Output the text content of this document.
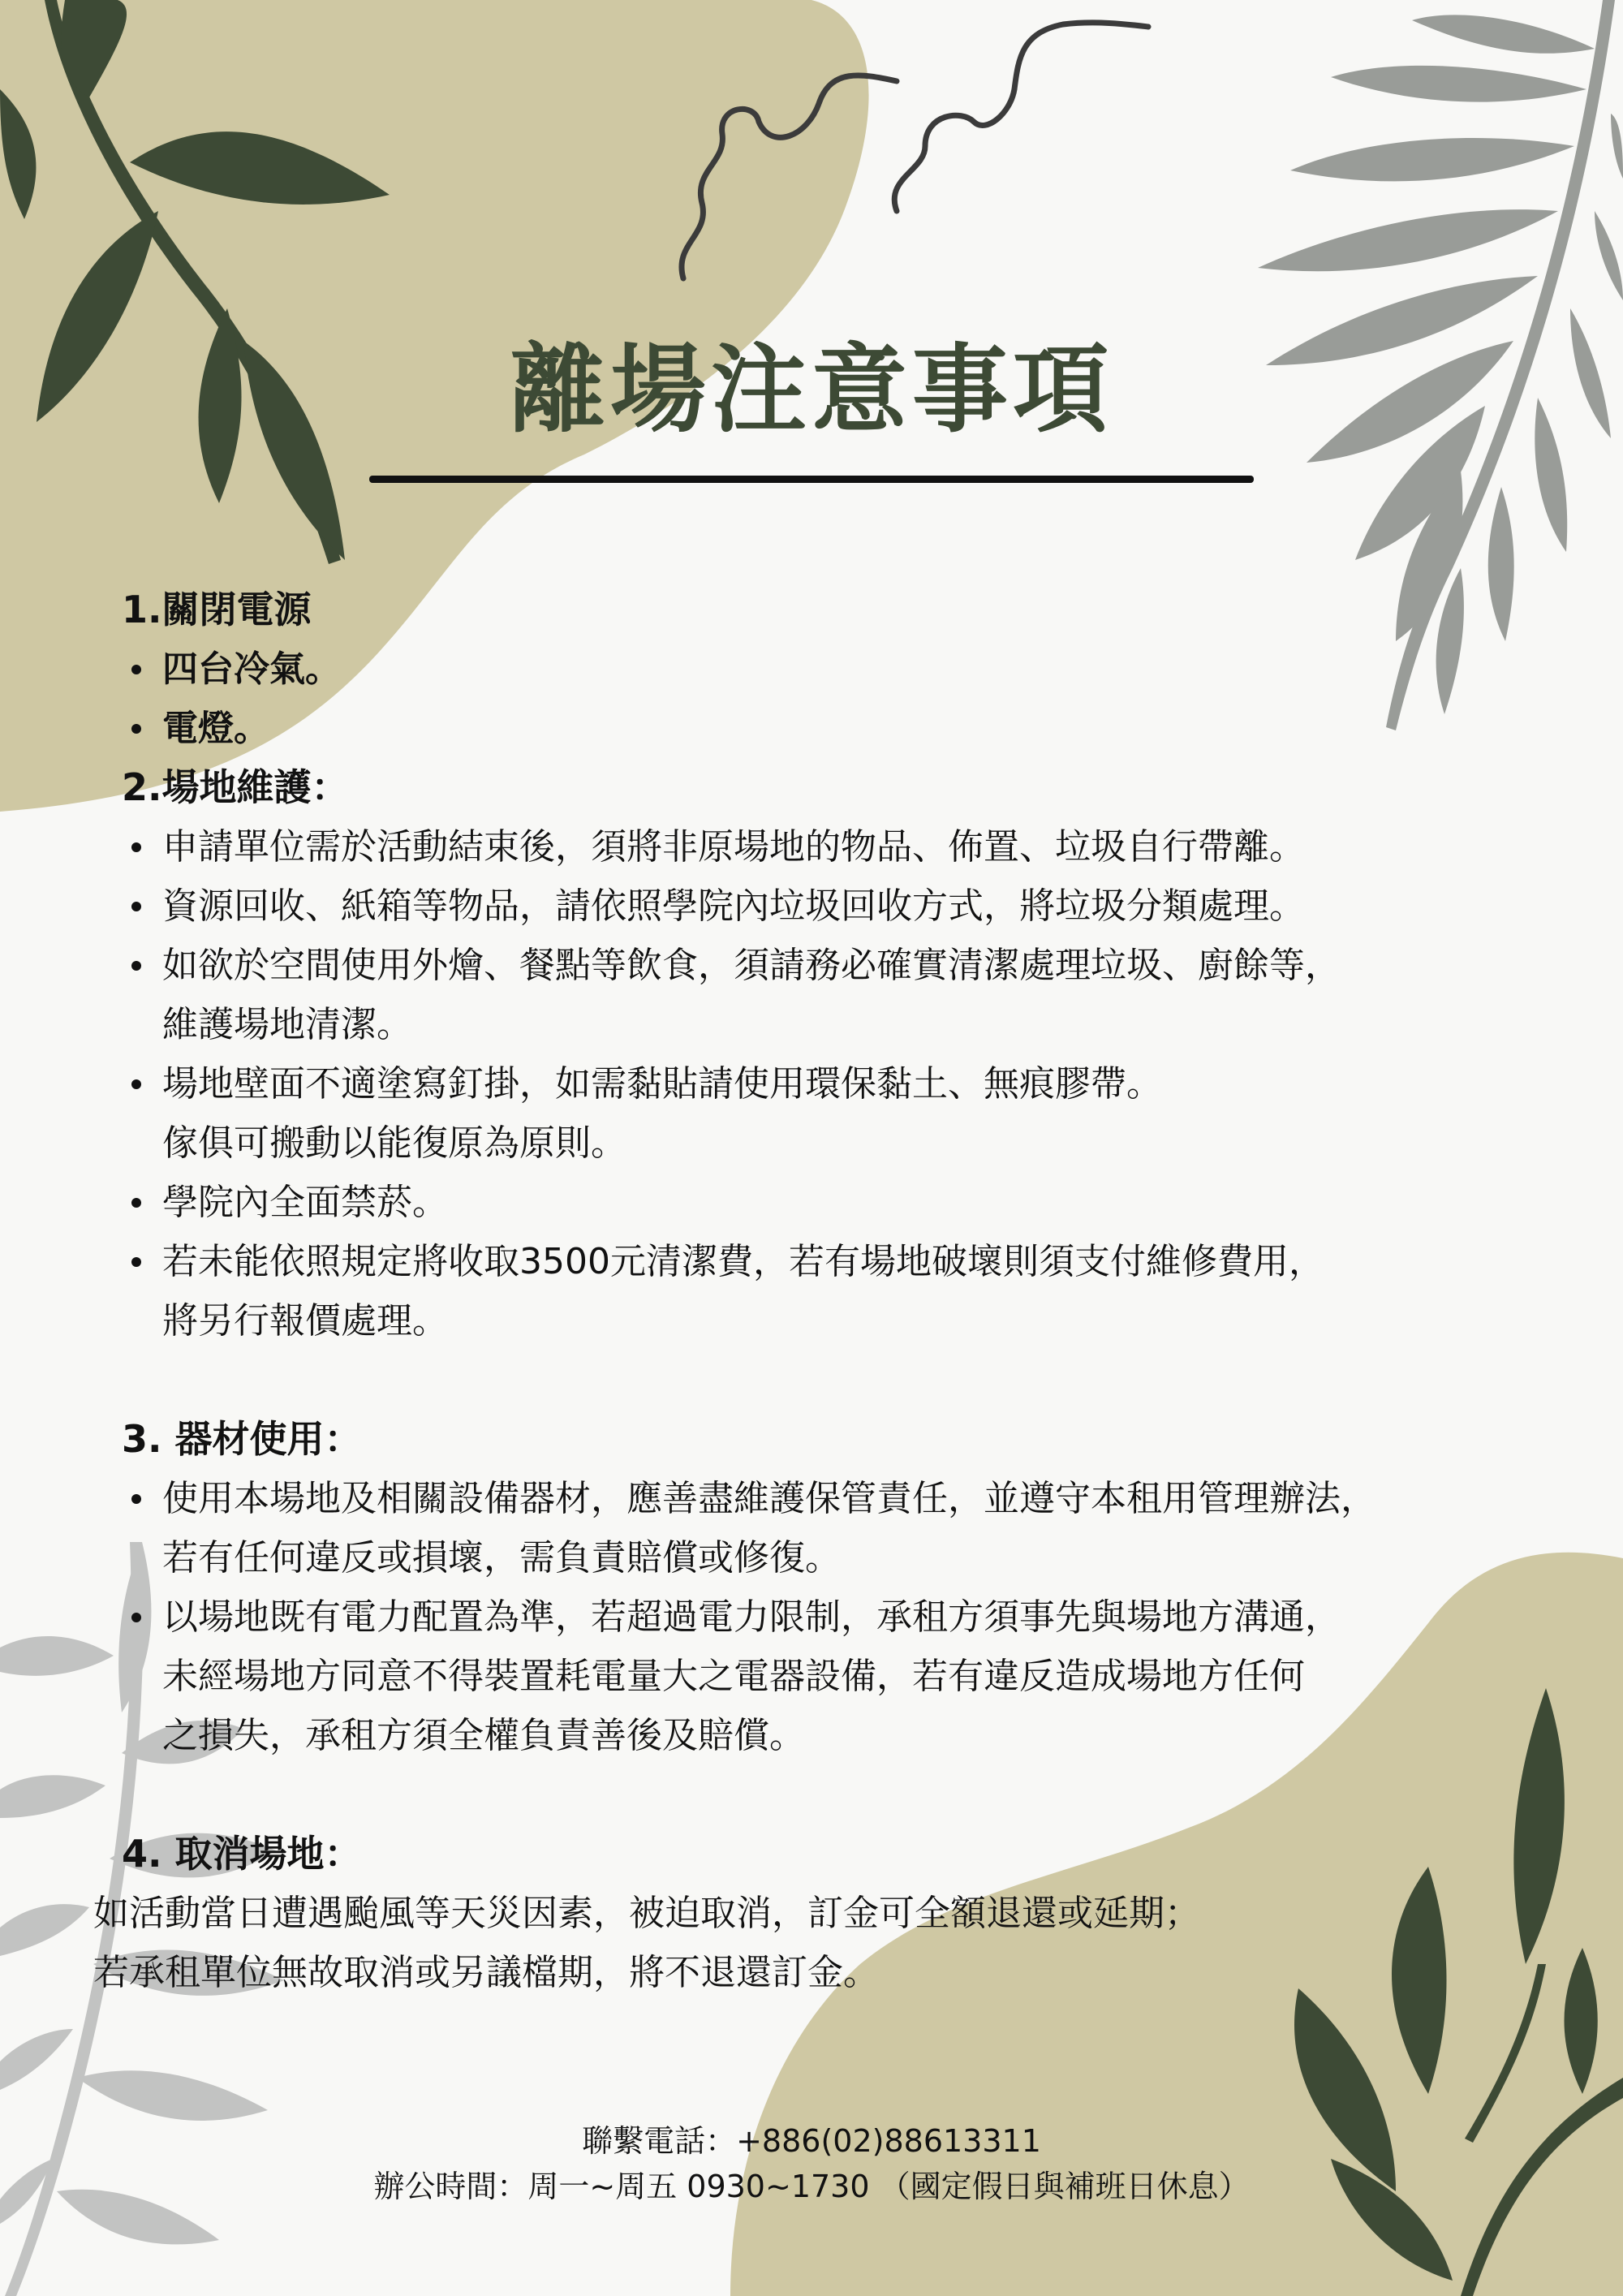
離場注意事項
1.關閉電源
四台冷氣。
電燈。
2.場地維護：
申請單位需於活動結束後，須將非原場地的物品、佈置、垃圾自行帶離。
資源回收、紙箱等物品，請依照學院內垃圾回收方式，將垃圾分類處理。
如欲於空間使用外燴、餐點等飲食，須請務必確實清潔處理垃圾、廚餘等，
維護場地清潔。
場地壁面不適塗寫釘掛，如需黏貼請使用環保黏土、無痕膠帶。
傢俱可搬動以能復原為原則。
學院內全面禁菸。
若未能依照規定將收取3500元清潔費，若有場地破壞則須支付維修費用，
將另行報價處理。
3. 器材使用：
使用本場地及相關設備器材，應善盡維護保管責任，並遵守本租用管理辦法，
若有任何違反或損壞，需負責賠償或修復。
以場地既有電力配置為準，若超過電力限制，承租方須事先與場地方溝通，
未經場地方同意不得裝置耗電量大之電器設備，若有違反造成場地方任何
之損失，承租方須全權負責善後及賠償。
4. 取消場地：
如活動當日遭遇颱風等天災因素，被迫取消，訂金可全額退還或延期；
若承租單位無故取消或另議檔期，將不退還訂金。
聯繫電話：+886(02)88613311
辦公時間：周一~周五 0930~1730 （國定假日與補班日休息）
